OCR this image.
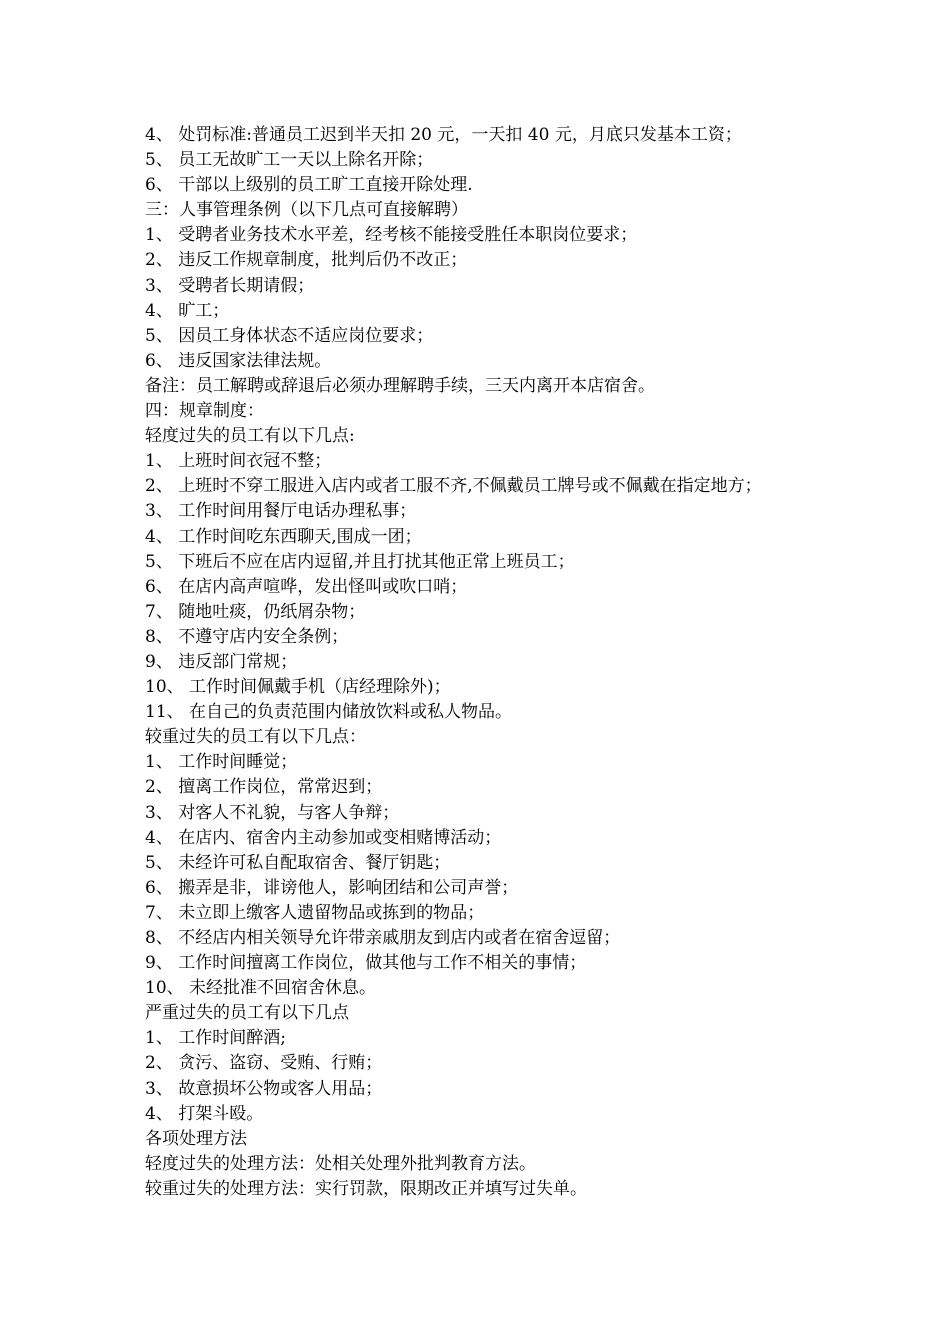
4、 处罚标准:普通员工迟到半天扣 20 元，一天扣 40 元，月底只发基本工资；
5、 员工无故旷工一天以上除名开除；
6、 干部以上级别的员工旷工直接开除处理.
三：人事管理条例（以下几点可直接解聘）
1、 受聘者业务技术水平差，经考核不能接受胜任本职岗位要求；
2、 违反工作规章制度，批判后仍不改正；
3、 受聘者长期请假；
4、 旷工；
5、 因员工身体状态不适应岗位要求；
6、 违反国家法律法规。
备注：员工解聘或辞退后必须办理解聘手续，三天内离开本店宿舍。
四：规章制度：
轻度过失的员工有以下几点:
1、 上班时间衣冠不整；
2、 上班时不穿工服进入店内或者工服不齐,不佩戴员工牌号或不佩戴在指定地方；
3、 工作时间用餐厅电话办理私事；
4、 工作时间吃东西聊天,围成一团；
5、 下班后不应在店内逗留,并且打扰其他正常上班员工；
6、 在店内高声喧哗，发出怪叫或吹口哨；
7、 随地吐痰，仍纸屑杂物；
8、 不遵守店内安全条例；
9、 违反部门常规；
10、 工作时间佩戴手机（店经理除外)；
11、 在自己的负责范围内储放饮料或私人物品。
较重过失的员工有以下几点：
1、 工作时间睡觉；
2、 擅离工作岗位，常常迟到；
3、 对客人不礼貌，与客人争辩；
4、 在店内、宿舍内主动参加或变相赌博活动；
5、 未经许可私自配取宿舍、餐厅钥匙；
6、 搬弄是非，诽谤他人，影响团结和公司声誉；
7、 未立即上缴客人遗留物品或拣到的物品；
8、 不经店内相关领导允许带亲戚朋友到店内或者在宿舍逗留；
9、 工作时间擅离工作岗位，做其他与工作不相关的事情；
10、 未经批准不回宿舍休息。
严重过失的员工有以下几点
1、 工作时间醉酒;
2、 贪污、盗窃、受贿、行贿；
3、 故意损坏公物或客人用品；
4、 打架斗殴。
各项处理方法
轻度过失的处理方法：处相关处理外批判教育方法。
较重过失的处理方法：实行罚款，限期改正并填写过失单。
